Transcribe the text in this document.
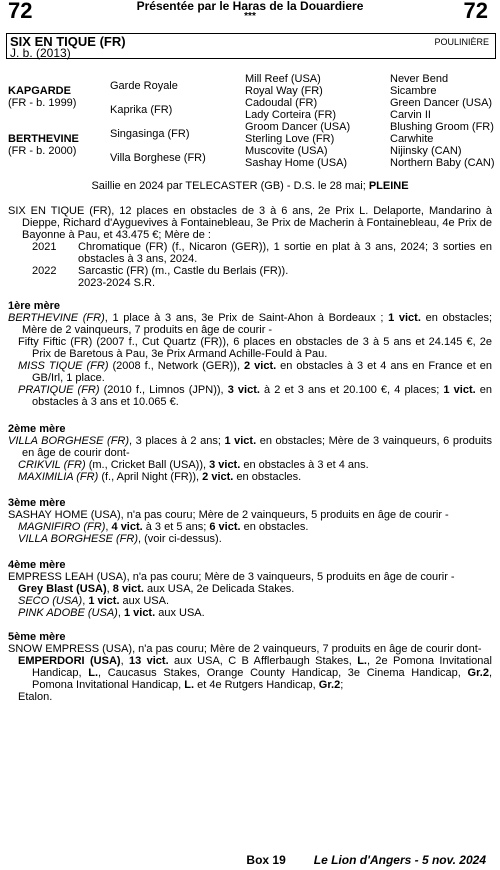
72	Présentée par le Haras de la Douardiere
***	72
SIX EN TIQUE (FR)
J. b. (2013)
POULINIÈRE
KAPGARDE
(FR - b. 1999)
BERTHEVINE
(FR - b. 2000)
Garde Royale
Kaprika (FR)
Singasinga (FR)
Villa Borghese (FR)
Mill Reef (USA)
Royal Way (FR)
Cadoudal (FR)
Lady Corteira (FR)
Groom Dancer (USA)
Sterling Love (FR)
Muscovite (USA)
Sashay Home (USA)
Never Bend
Sicambre
Green Dancer (USA)
Carvin II
Blushing Groom (FR)
Carwhite
Nijinsky (CAN)
Northern Baby (CAN)
Saillie en 2024 par TELECASTER (GB) - D.S. le 28 mai; PLEINE

SIX EN TIQUE (FR), 12 places en obstacles de 3 à 6 ans, 2e Prix L. Delaporte, Mandarino à Dieppe, Richard d'Ayguevives à Fontainebleau, 3e Prix de Macherin à Fontainebleau, 4e Prix de Bayonne à Pau, et 43.475 €; Mère de :

2021 Chromatique (FR) (f., Nicaron (GER)), 1 sortie en plat à 3 ans, 2024; 3 sorties en obstacles à 3 ans, 2024.

2022 Sarcastic (FR) (m., Castle du Berlais (FR)).

2023-2024 S.R.

1ère mère

BERTHEVINE (FR), 1 place à 3 ans, 3e Prix de Saint-Ahon à Bordeaux ; 1 vict. en obstacles; Mère de 2 vainqueurs, 7 produits en âge de courir -

Fifty Fiftic (FR) (2007 f., Cut Quartz (FR)), 6 places en obstacles de 3 à 5 ans et 24.145 €, 2e Prix de Baretous à Pau, 3e Prix Armand Achille-Fould à Pau.

MISS TIQUE (FR) (2008 f., Network (GER)), 2 vict. en obstacles à 3 et 4 ans en France et en GB/Irl, 1 place.

PRATIQUE (FR) (2010 f., Limnos (JPN)), 3 vict. à 2 et 3 ans et 20.100 €, 4 places; 1 vict. en obstacles à 3 ans et 10.065 €.

2ème mère

VILLA BORGHESE (FR), 3 places à 2 ans; 1 vict. en obstacles; Mère de 3 vainqueurs, 6 produits en âge de courir dont-

CRIKVIL (FR) (m., Cricket Ball (USA)), 3 vict. en obstacles à 3 et 4 ans.

MAXIMILIA (FR) (f., April Night (FR)), 2 vict. en obstacles.

3ème mère

SASHAY HOME (USA), n'a pas couru; Mère de 2 vainqueurs, 5 produits en âge de courir -

MAGNIFIRO (FR), 4 vict. à 3 et 5 ans; 6 vict. en obstacles.

VILLA BORGHESE (FR), (voir ci-dessus).

4ème mère

EMPRESS LEAH (USA), n'a pas couru; Mère de 3 vainqueurs, 5 produits en âge de courir -

Grey Blast (USA), 8 vict. aux USA, 2e Delicada Stakes.

SECO (USA), 1 vict. aux USA.

PINK ADOBE (USA), 1 vict. aux USA.

5ème mère

SNOW EMPRESS (USA), n'a pas couru; Mère de 2 vainqueurs, 7 produits en âge de courir dont-

EMPERDORI (USA), 13 vict. aux USA, C B Afflerbaugh Stakes, L., 2e Pomona Invitational Handicap, L., Caucasus Stakes, Orange County Handicap, 3e Cinema Handicap, Gr.2, Pomona Invitational Handicap, L. et 4e Rutgers Handicap, Gr.2;

Etalon.

Box 19 Le Lion d'Angers - 5 nov. 2024
